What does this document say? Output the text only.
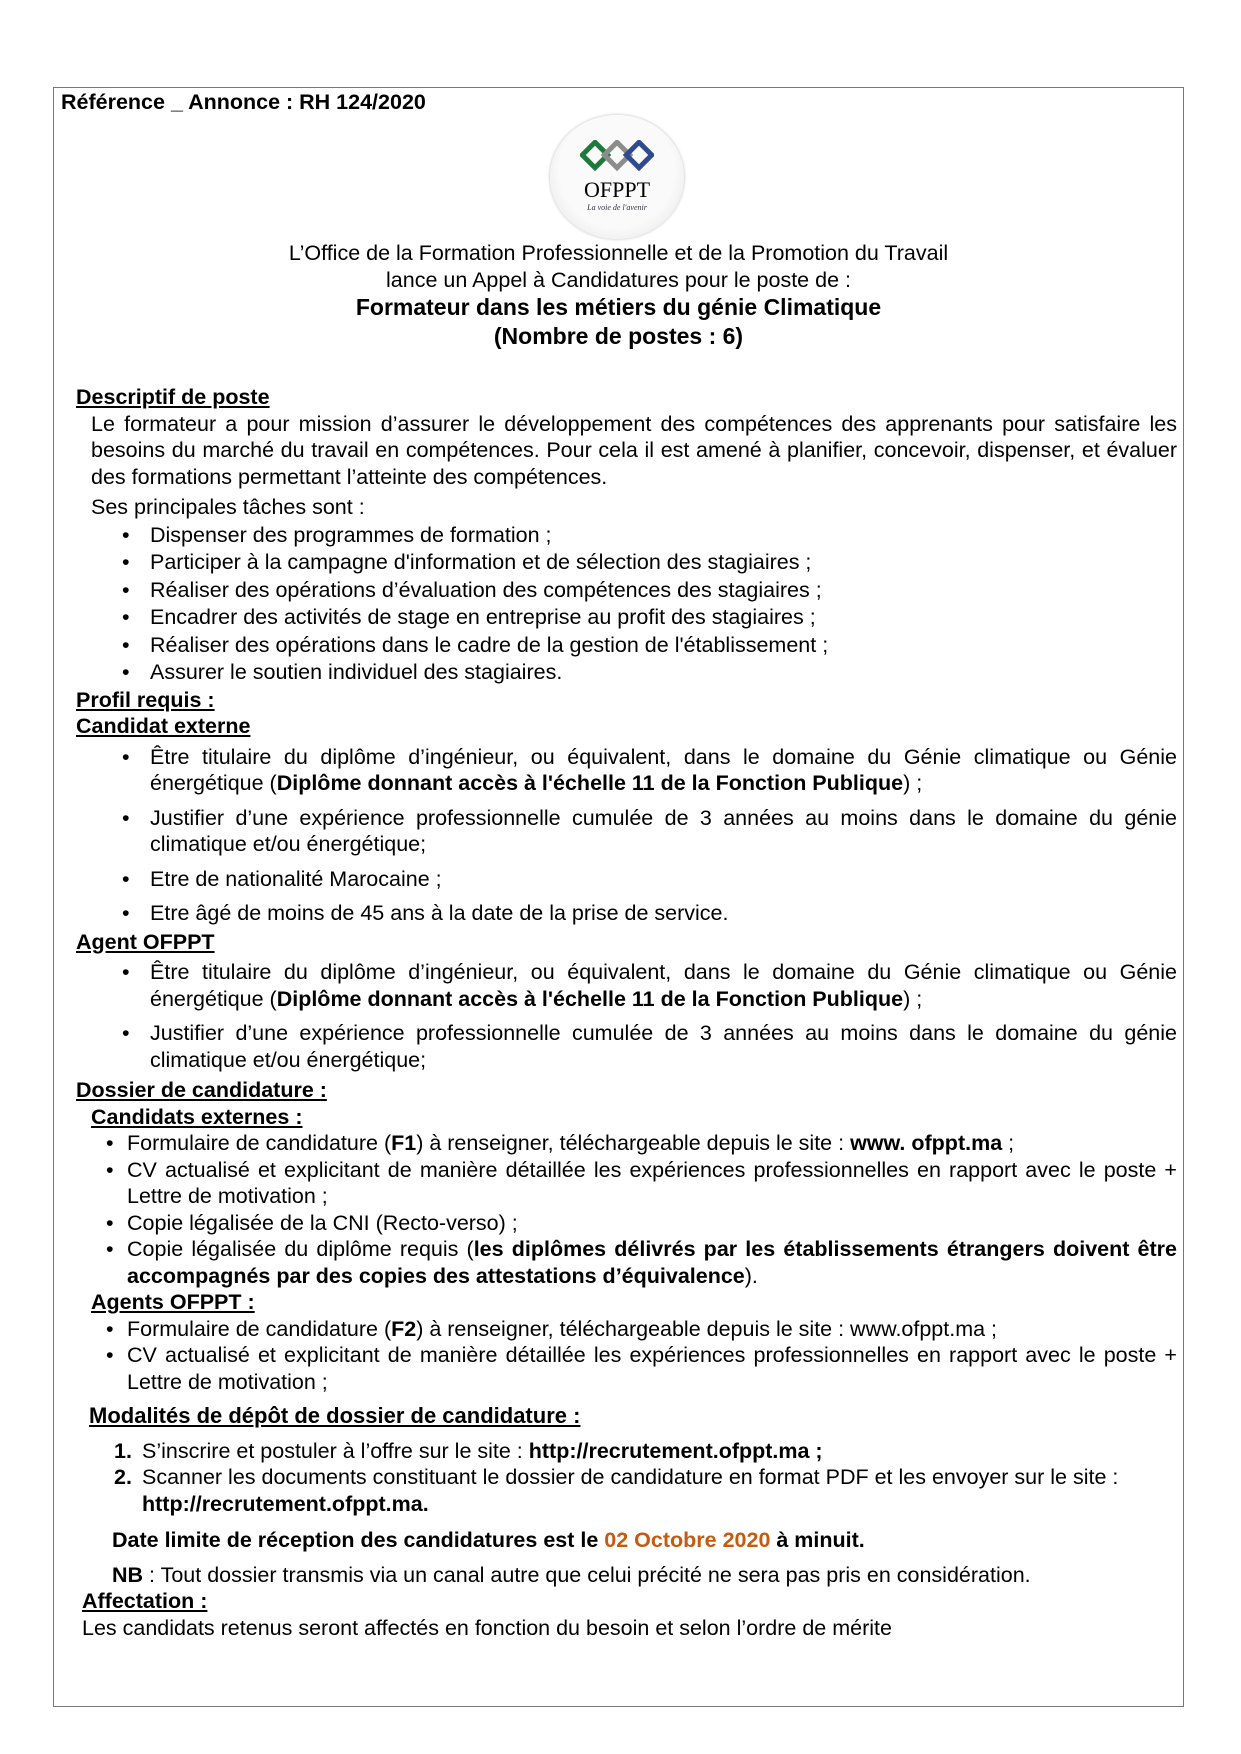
Référence _ Annonce : RH 124/2020
OFPPT
La voie de l'avenir
L’Office de la Formation Professionnelle et de la Promotion du Travail
lance un Appel à Candidatures pour le poste de :
Formateur dans les métiers du génie Climatique
(Nombre de postes : 6)
Descriptif de poste
Le formateur a pour mission d’assurer le développement des compétences des apprenants pour satisfaire les besoins du marché du travail en compétences. Pour cela il est amené à planifier, concevoir, dispenser, et évaluer des formations permettant l’atteinte des compétences.
Ses principales tâches sont :
• Dispenser des programmes de formation ;
• Participer à la campagne d'information et de sélection des stagiaires ;
• Réaliser des opérations d’évaluation des compétences des stagiaires ;
• Encadrer des activités de stage en entreprise au profit des stagiaires ;
• Réaliser des opérations dans le cadre de la gestion de l'établissement ;
• Assurer le soutien individuel des stagiaires.
Profil requis :
Candidat externe
• Être titulaire du diplôme d’ingénieur, ou équivalent, dans le domaine du Génie climatique ou Génie énergétique (Diplôme donnant accès à l'échelle 11 de la Fonction Publique) ;
• Justifier d’une expérience professionnelle cumulée de 3 années au moins dans le domaine du génie climatique et/ou énergétique;
• Etre de nationalité Marocaine ;
• Etre âgé de moins de 45 ans à la date de la prise de service.
Agent OFPPT
• Être titulaire du diplôme d’ingénieur, ou équivalent, dans le domaine du Génie climatique ou Génie énergétique (Diplôme donnant accès à l'échelle 11 de la Fonction Publique) ;
• Justifier d’une expérience professionnelle cumulée de 3 années au moins dans le domaine du génie climatique et/ou énergétique;
Dossier de candidature :
Candidats externes :
• Formulaire de candidature (F1) à renseigner, téléchargeable depuis le site : www. ofppt.ma ;
• CV actualisé et explicitant de manière détaillée les expériences professionnelles en rapport avec le poste + Lettre de motivation ;
• Copie légalisée de la CNI (Recto-verso) ;
• Copie légalisée du diplôme requis (les diplômes délivrés par les établissements étrangers doivent être accompagnés par des copies des attestations d’équivalence).
Agents OFPPT :
• Formulaire de candidature (F2) à renseigner, téléchargeable depuis le site : www.ofppt.ma ;
• CV actualisé et explicitant de manière détaillée les expériences professionnelles en rapport avec le poste + Lettre de motivation ;
Modalités de dépôt de dossier de candidature :
1. S’inscrire et postuler à l’offre sur le site : http://recrutement.ofppt.ma ;
2. Scanner les documents constituant le dossier de candidature en format PDF et les envoyer sur le site : http://recrutement.ofppt.ma.
Date limite de réception des candidatures est le 02 Octobre 2020 à minuit.
NB : Tout dossier transmis via un canal autre que celui précité ne sera pas pris en considération.
Affectation :
Les candidats retenus seront affectés en fonction du besoin et selon l’ordre de mérite
